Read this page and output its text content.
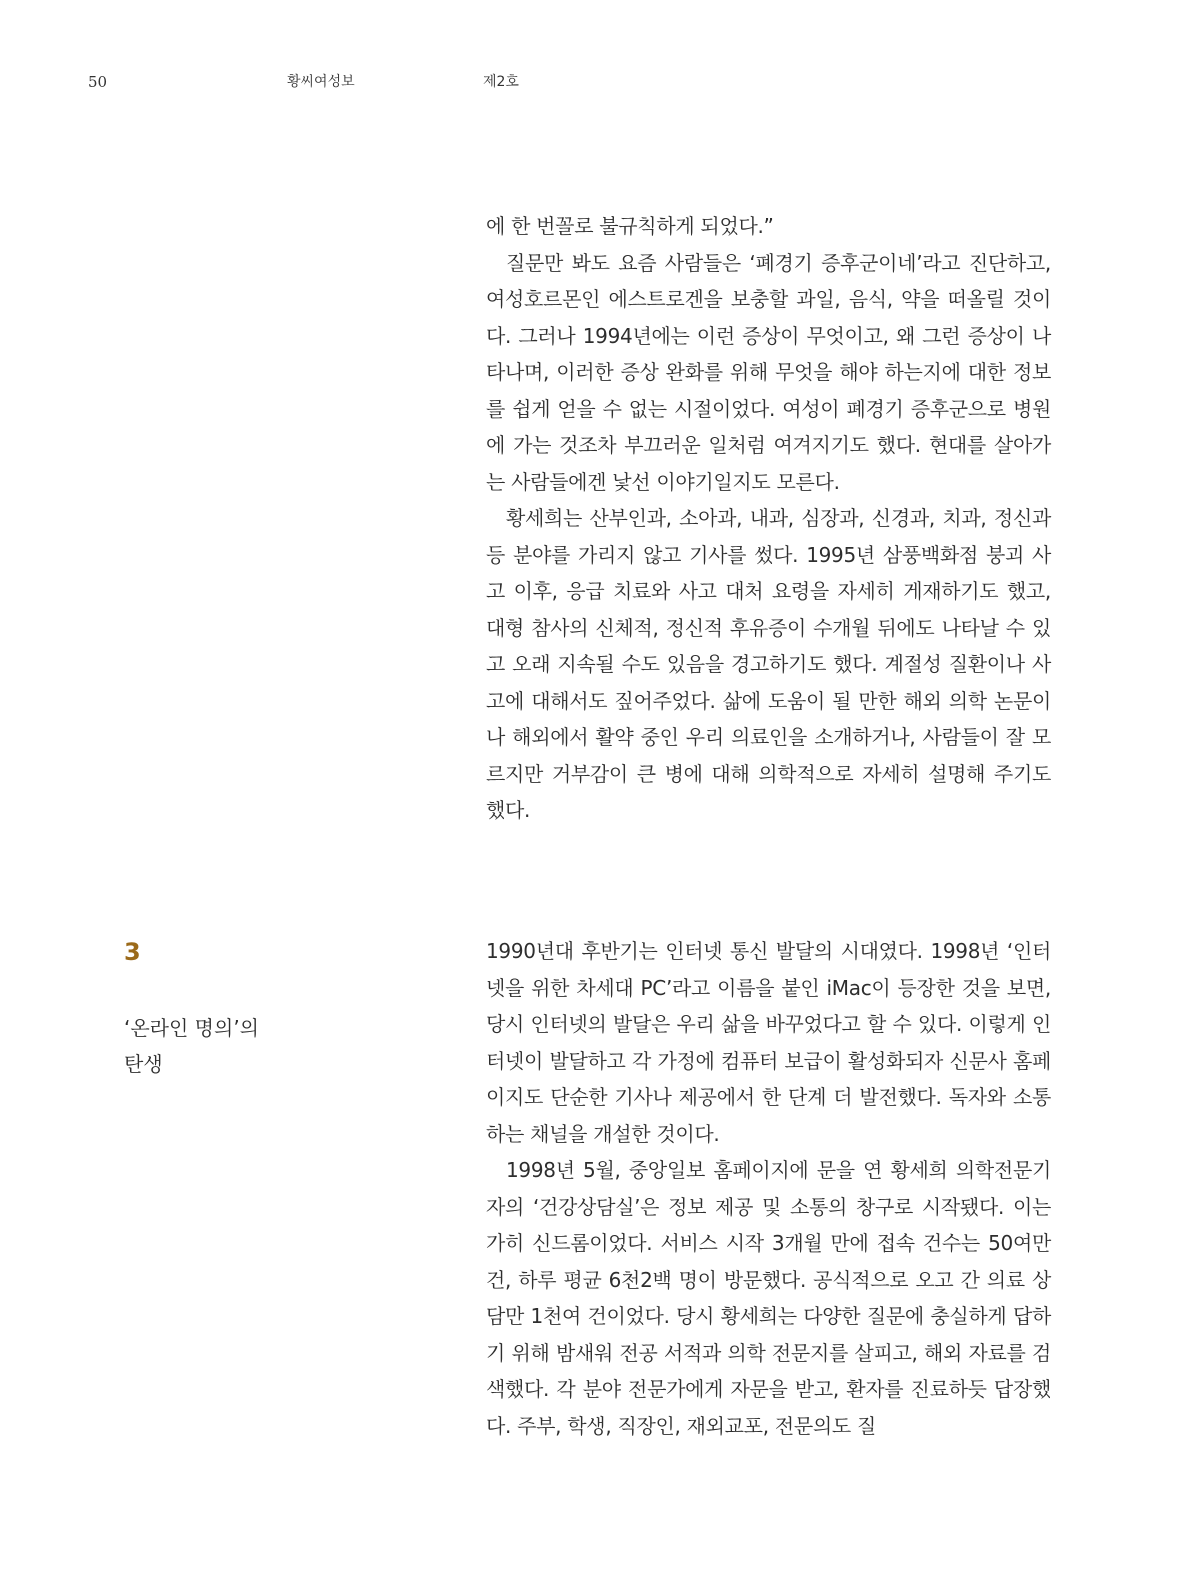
50	황씨여성보	제2호

에 한 번꼴로 불규칙하게 되었다.”

질문만 봐도 요즘 사람들은 ‘폐경기 증후군이네’라고 진단하고, 여성호르몬인 에스트로겐을 보충할 과일, 음식, 약을 떠올릴 것이다. 그러나 1994년에는 이런 증상이 무엇이고, 왜 그런 증상이 나타나며, 이러한 증상 완화를 위해 무엇을 해야 하는지에 대한 정보를 쉽게 얻을 수 없는 시절이었다. 여성이 폐경기 증후군으로 병원에 가는 것조차 부끄러운 일처럼 여겨지기도 했다. 현대를 살아가는 사람들에겐 낯선 이야기일지도 모른다.

황세희는 산부인과, 소아과, 내과, 심장과, 신경과, 치과, 정신과 등 분야를 가리지 않고 기사를 썼다. 1995년 삼풍백화점 붕괴 사고 이후, 응급 치료와 사고 대처 요령을 자세히 게재하기도 했고, 대형 참사의 신체적, 정신적 후유증이 수개월 뒤에도 나타날 수 있고 오래 지속될 수도 있음을 경고하기도 했다. 계절성 질환이나 사고에 대해서도 짚어주었다. 삶에 도움이 될 만한 해외 의학 논문이나 해외에서 활약 중인 우리 의료인을 소개하거나, 사람들이 잘 모르지만 거부감이 큰 병에 대해 의학적으로 자세히 설명해 주기도 했다.

3
‘온라인 명의’의
탄생

1990년대 후반기는 인터넷 통신 발달의 시대였다. 1998년 ‘인터넷을 위한 차세대 PC’라고 이름을 붙인 iMac이 등장한 것을 보면, 당시 인터넷의 발달은 우리 삶을 바꾸었다고 할 수 있다. 이렇게 인터넷이 발달하고 각 가정에 컴퓨터 보급이 활성화되자 신문사 홈페이지도 단순한 기사나 제공에서 한 단계 더 발전했다. 독자와 소통하는 채널을 개설한 것이다.

1998년 5월, 중앙일보 홈페이지에 문을 연 황세희 의학전문기자의 ‘건강상담실’은 정보 제공 및 소통의 창구로 시작됐다. 이는 가히 신드롬이었다. 서비스 시작 3개월 만에 접속 건수는 50여만 건, 하루 평균 6천2백 명이 방문했다. 공식적으로 오고 간 의료 상담만 1천여 건이었다. 당시 황세희는 다양한 질문에 충실하게 답하기 위해 밤새워 전공 서적과 의학 전문지를 살피고, 해외 자료를 검색했다. 각 분야 전문가에게 자문을 받고, 환자를 진료하듯 답장했다. 주부, 학생, 직장인, 재외교포, 전문의도 질
